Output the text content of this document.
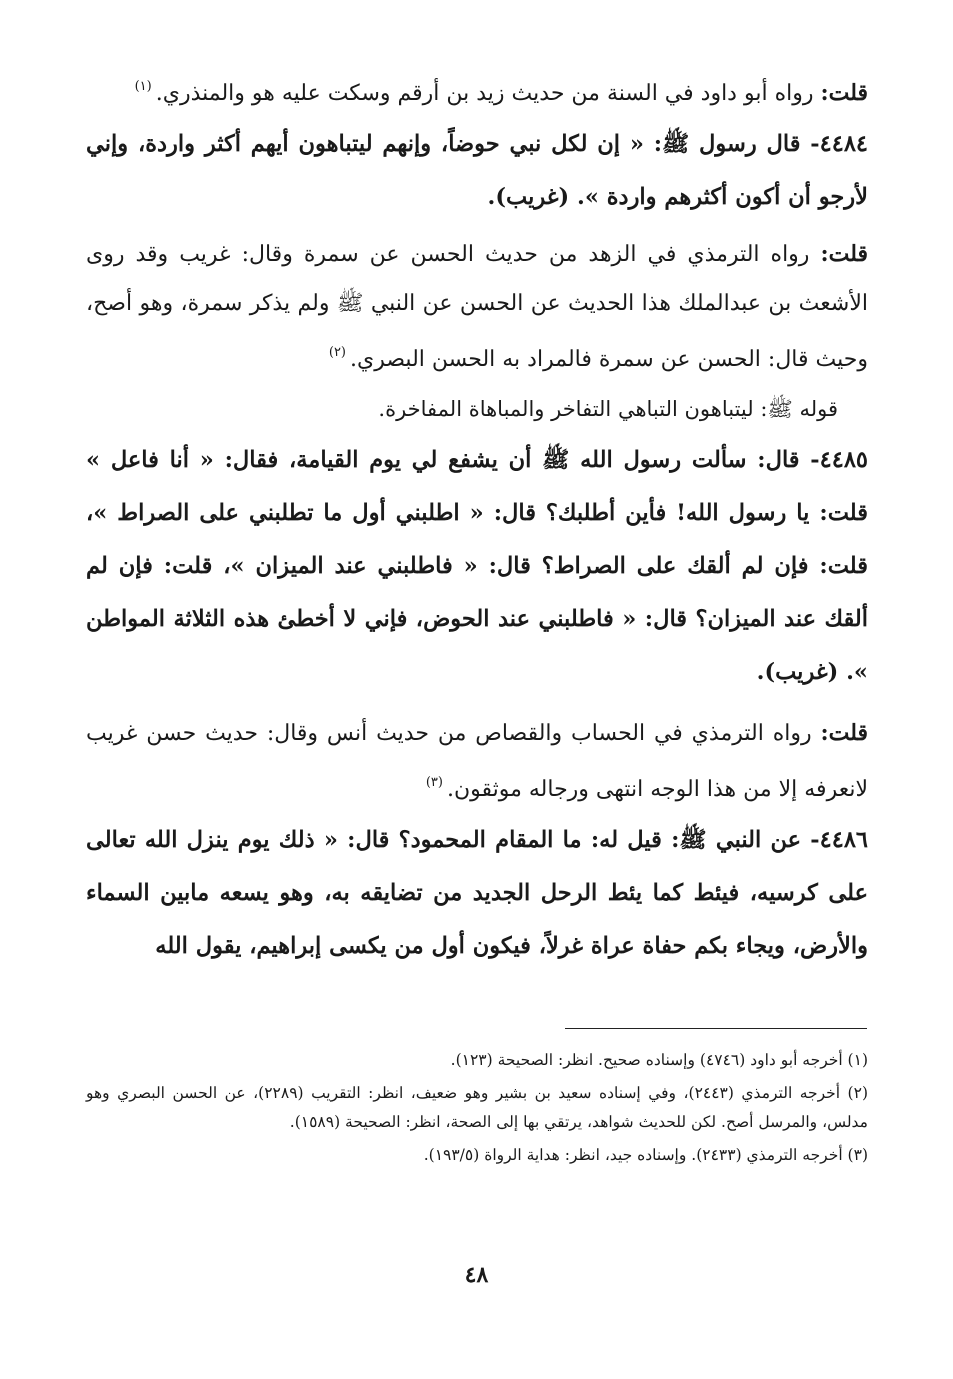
قلت: رواه أبو داود في السنة من حديث زيد بن أرقم وسكت عليه هو والمنذري.$^{(١)}$

٤٤٨٤- قال رسول ﷺ: « إن لكل نبي حوضاً، وإنهم ليتباهون أيهم أكثر واردة، وإني لأرجو أن أكون أكثرهم واردة ». (غريب).

قلت: رواه الترمذي في الزهد من حديث الحسن عن سمرة وقال: غريب وقد روى الأشعث بن عبدالملك هذا الحديث عن الحسن عن النبي ﷺ ولم يذكر سمرة، وهو أصح، وحيث قال: الحسن عن سمرة فالمراد به الحسن البصري.$^{(٢)}$

قوله ﷺ: ليتباهون التباهي التفاخر والمباهاة المفاخرة.

٤٤٨٥- قال: سألت رسول الله ﷺ أن يشفع لي يوم القيامة، فقال: « أنا فاعل » قلت: يا رسول الله! فأين أطلبك؟ قال: « اطلبني أول ما تطلبني على الصراط »، قلت: فإن لم ألقك على الصراط؟ قال: « فاطلبني عند الميزان »، قلت: فإن لم ألقك عند الميزان؟ قال: « فاطلبني عند الحوض، فإني لا أخطئ هذه الثلاثة المواطن ». (غريب).

قلت: رواه الترمذي في الحساب والقصاص من حديث أنس وقال: حديث حسن غريب لانعرفه إلا من هذا الوجه انتهى ورجاله موثقون.$^{(٣)}$

٤٤٨٦- عن النبي ﷺ: قيل له: ما المقام المحمود؟ قال: « ذلك يوم ينزل الله تعالى على كرسيه، فيئط كما يئط الرحل الجديد من تضايقه به، وهو يسعه مابين السماء والأرض، ويجاء بكم حفاة عراة غرلاً، فيكون أول من يكسى إبراهيم، يقول الله

(١) أخرجه أبو داود (٤٧٤٦) وإسناده صحيح. انظر: الصحيحة (١٢٣).

(٢) أخرجه الترمذي (٢٤٤٣)، وفي إسناده سعيد بن بشير وهو ضعيف، انظر: التقريب (٢٢٨٩)، عن الحسن البصري وهو مدلس، والمرسل أصح. لكن للحديث شواهد، يرتقي بها إلى الصحة، انظر: الصحيحة (١٥٨٩).

(٣) أخرجه الترمذي (٢٤٣٣). وإسناده جيد، انظر: هداية الرواة (١٩٣/٥).

٤٨
